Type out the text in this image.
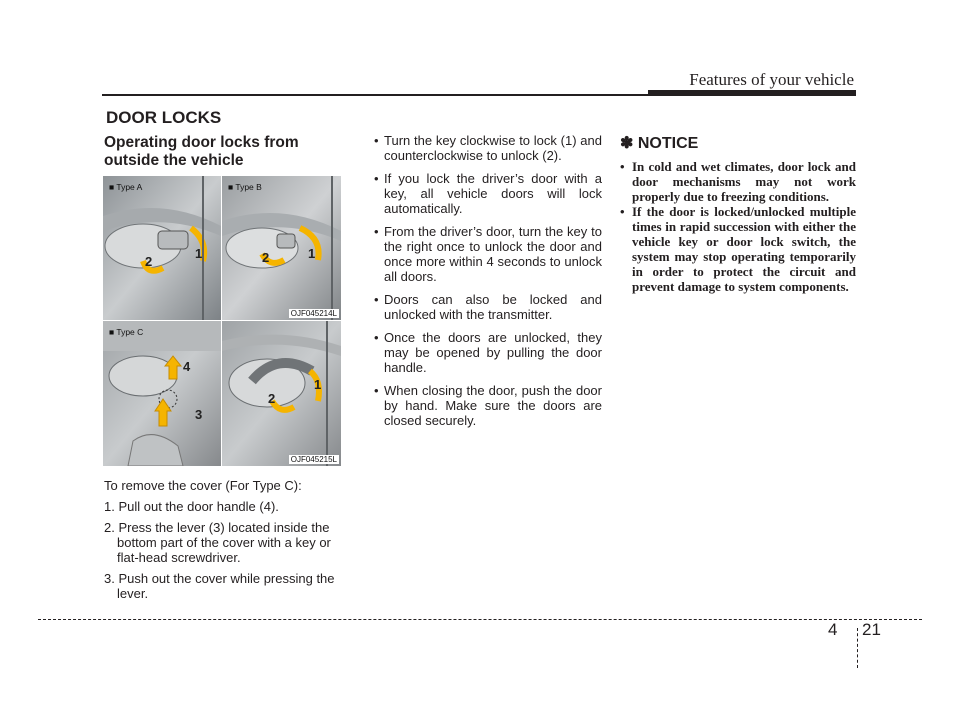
Features of your vehicle
DOOR LOCKS

Operating door locks from outside the vehicle

■ Type A
1
2
■ Type B
1
2
OJF045214L
■ Type C
4
3
1
2
OJF045215L

To remove the cover (For Type C):

1. Pull out the door handle (4).
2. Press the lever (3) located inside the bottom part of the cover with a key or flat-head screwdriver.
3. Push out the cover while pressing the lever.
• Turn the key clockwise to lock (1) and counterclockwise to unlock (2).
• If you lock the driver’s door with a key, all vehicle doors will lock automatically.
• From the driver’s door, turn the key to the right once to unlock the door and once more within 4 seconds to unlock all doors.
• Doors can also be locked and unlocked with the transmitter.
• Once the doors are unlocked, they may be opened by pulling the door handle.
• When closing the door, push the door by hand. Make sure the doors are closed securely.
✽ NOTICE
• In cold and wet climates, door lock and door mechanisms may not work properly due to freezing conditions.
• If the door is locked/unlocked multiple times in rapid succession with either the vehicle key or door lock switch, the system may stop operating temporarily in order to protect the circuit and prevent damage to system components.
4 21
